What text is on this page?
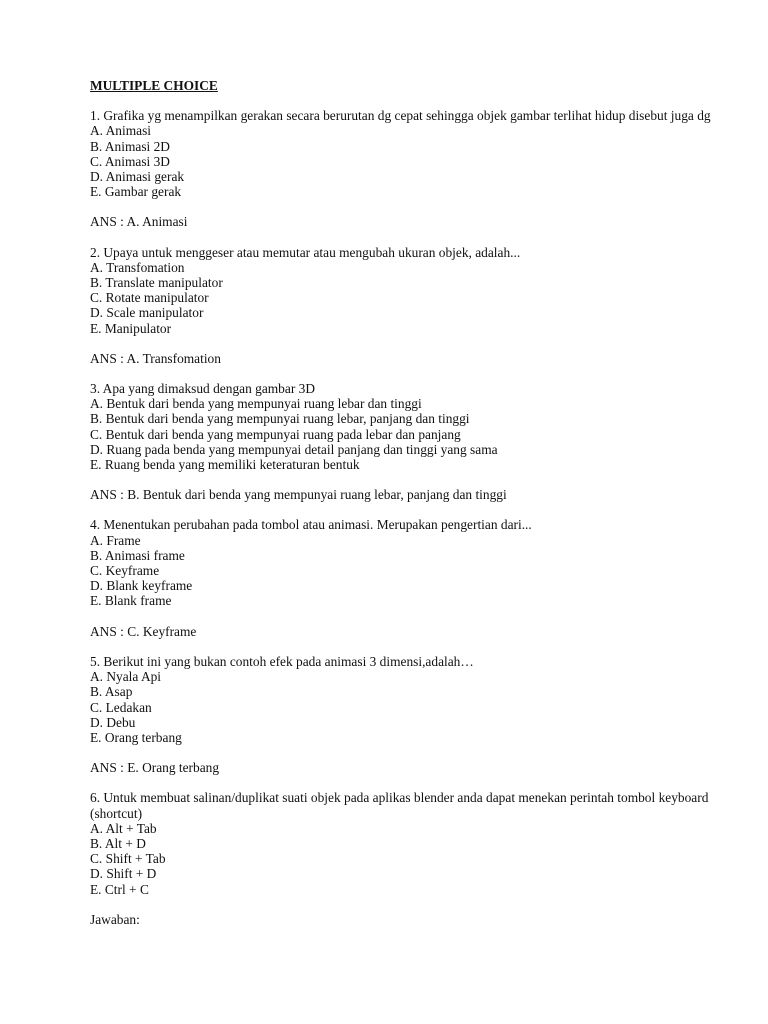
MULTIPLE CHOICE
1. Grafika yg menampilkan gerakan secara berurutan dg cepat sehingga objek gambar terlihat hidup disebut juga dg
A. Animasi
B. Animasi 2D
C. Animasi 3D
D. Animasi gerak
E. Gambar gerak
ANS : A. Animasi
2. Upaya untuk menggeser atau memutar atau mengubah ukuran objek, adalah...
A. Transfomation
B. Translate manipulator
C. Rotate manipulator
D. Scale manipulator
E. Manipulator
ANS : A. Transfomation
3. Apa yang dimaksud dengan gambar 3D
A. Bentuk dari benda yang mempunyai ruang lebar dan tinggi
B. Bentuk dari benda yang mempunyai ruang lebar, panjang dan tinggi
C. Bentuk dari benda yang mempunyai ruang pada lebar dan panjang
D. Ruang pada benda yang mempunyai detail panjang dan tinggi yang sama
E. Ruang benda yang memiliki keteraturan bentuk
ANS : B. Bentuk dari benda yang mempunyai ruang lebar, panjang dan tinggi
4. Menentukan perubahan pada tombol atau animasi. Merupakan pengertian dari...
A. Frame
B. Animasi frame
C. Keyframe
D. Blank keyframe
E. Blank frame
ANS : C. Keyframe
5. Berikut ini yang bukan contoh efek pada animasi 3 dimensi,adalah…
A. Nyala Api
B. Asap
C. Ledakan
D. Debu
E. Orang terbang
ANS : E. Orang terbang
6. Untuk membuat salinan/duplikat suati objek pada aplikas blender anda dapat menekan perintah tombol keyboard (shortcut)
A. Alt + Tab
B. Alt + D
C. Shift + Tab
D. Shift + D
E. Ctrl + C
Jawaban:
